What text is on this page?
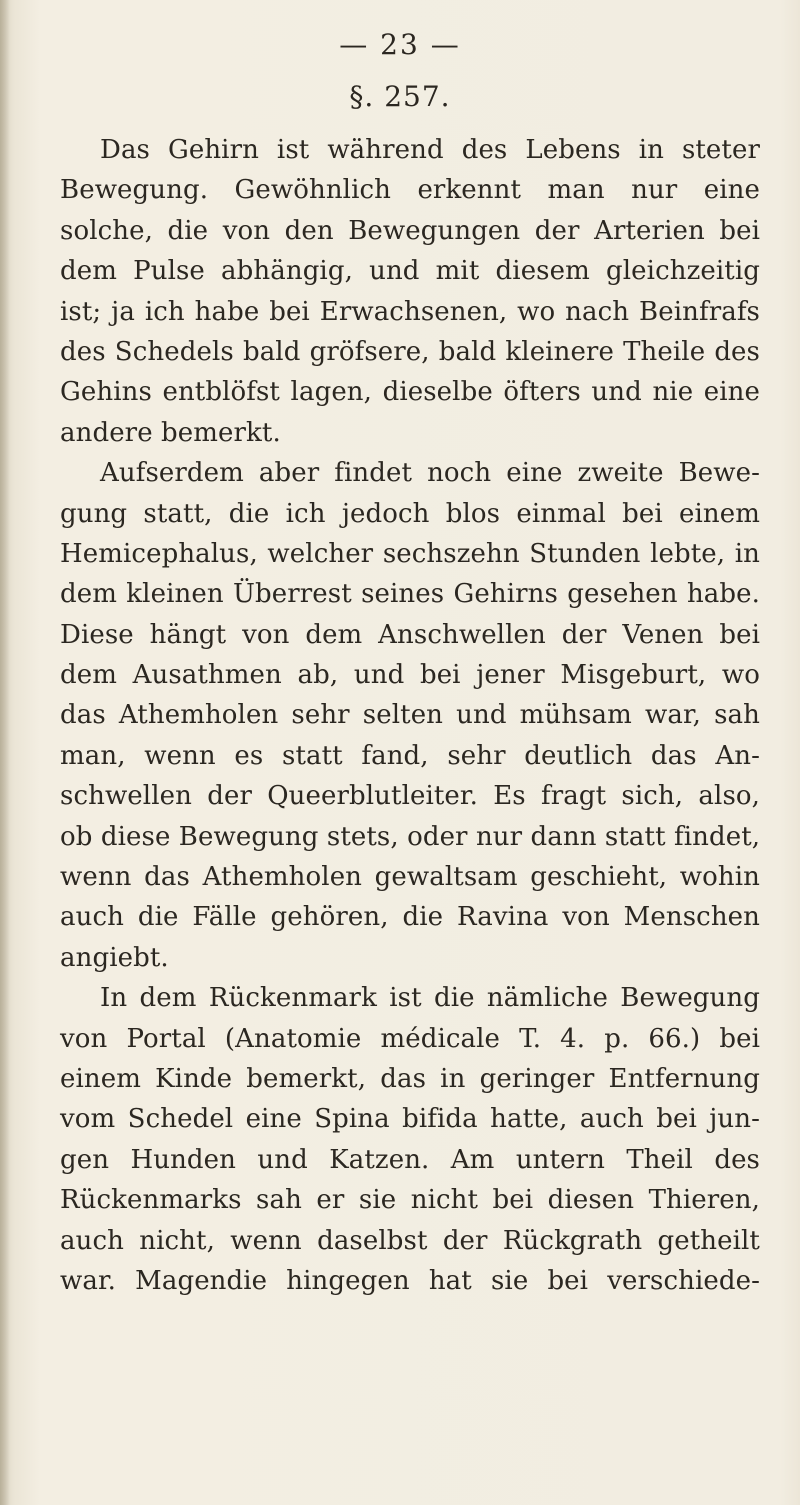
— 23 —
§. 257.
Das Gehirn ist während des Lebens in steter
Bewegung. Gewöhnlich erkennt man nur eine
solche, die von den Bewegungen der Arterien bei
dem Pulse abhängig, und mit diesem gleichzeitig
ist; ja ich habe bei Erwachsenen, wo nach Beinfrafs
des Schedels bald gröfsere, bald kleinere Theile des
Gehins entblöfst lagen, dieselbe öfters und nie eine
andere bemerkt.
Aufserdem aber findet noch eine zweite Bewe-
gung statt, die ich jedoch blos einmal bei einem
Hemicephalus, welcher sechszehn Stunden lebte, in
dem kleinen Überrest seines Gehirns gesehen habe.
Diese hängt von dem Anschwellen der Venen bei
dem Ausathmen ab, und bei jener Misgeburt, wo
das Athemholen sehr selten und mühsam war, sah
man, wenn es statt fand, sehr deutlich das An-
schwellen der Queerblutleiter. Es fragt sich, also,
ob diese Bewegung stets, oder nur dann statt findet,
wenn das Athemholen gewaltsam geschieht, wohin
auch die Fälle gehören, die Ravina von Menschen
angiebt.
In dem Rückenmark ist die nämliche Bewegung
von Portal (Anatomie médicale T. 4. p. 66.) bei
einem Kinde bemerkt, das in geringer Entfernung
vom Schedel eine Spina bifida hatte, auch bei jun-
gen Hunden und Katzen. Am untern Theil des
Rückenmarks sah er sie nicht bei diesen Thieren,
auch nicht, wenn daselbst der Rückgrath getheilt
war. Magendie hingegen hat sie bei verschiede-
